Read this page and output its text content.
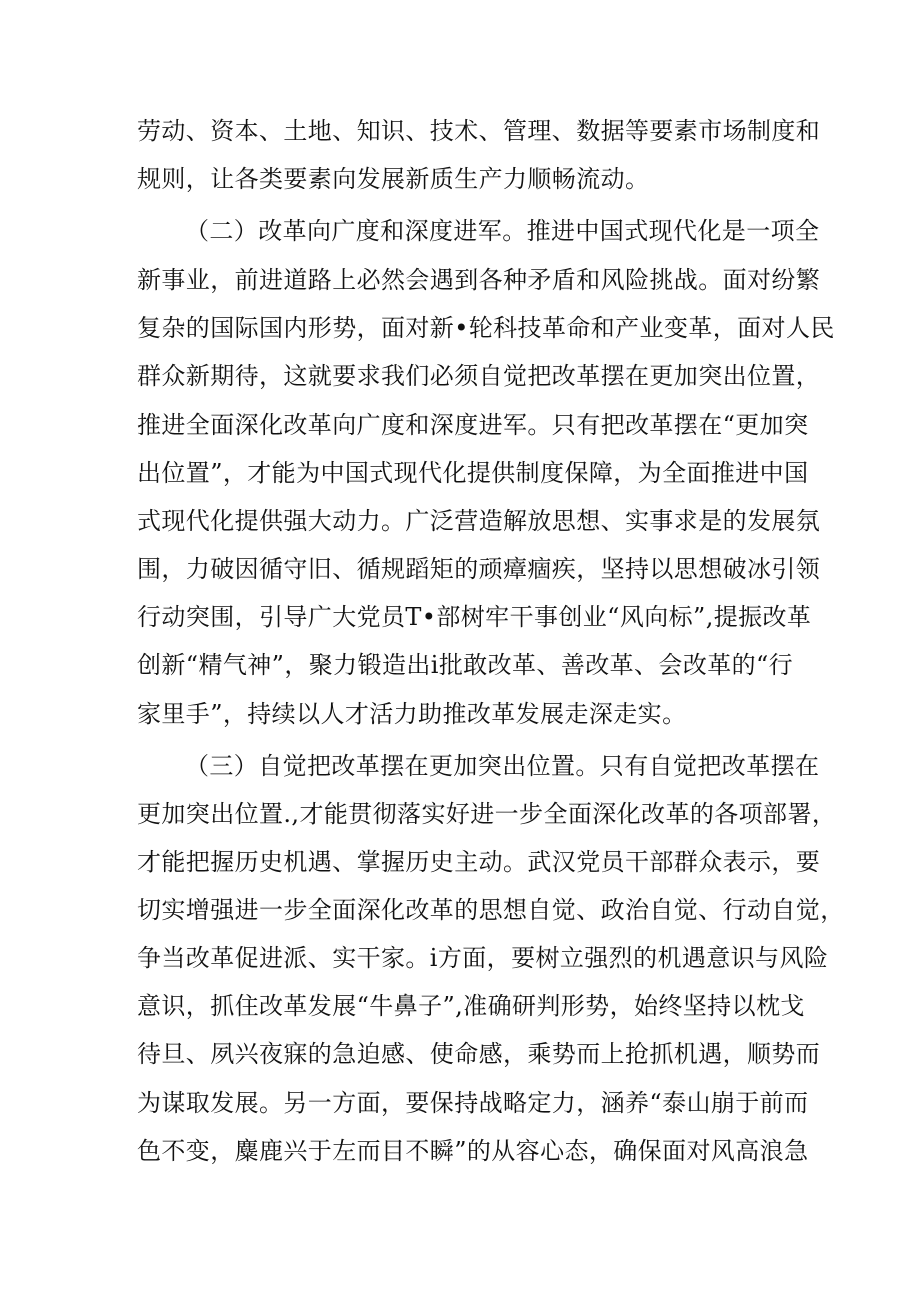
劳动、资本、土地、知识、技术、管理、数据等要素市场制度和
规则，让各类要素向发展新质生产力顺畅流动。
（二）改革向广度和深度进军。推进中国式现代化是一项全
新事业，前进道路上必然会遇到各种矛盾和风险挑战。面对纷繁
复杂的国际国内形势，面对新•轮科技革命和产业变革，面对人民
群众新期待，这就要求我们必须自觉把改革摆在更加突出位置，
推进全面深化改革向广度和深度进军。只有把改革摆在“更加突
出位置”，才能为中国式现代化提供制度保障，为全面推进中国
式现代化提供强大动力。广泛营造解放思想、实事求是的发展氛
围，力破因循守旧、循规蹈矩的顽瘴痼疾，坚持以思想破冰引领
行动突围，引导广大党员T•部树牢干事创业“风向标”,提振改革
创新“精气神”，聚力锻造出i批敢改革、善改革、会改革的“行
家里手”，持续以人才活力助推改革发展走深走实。
（三）自觉把改革摆在更加突出位置。只有自觉把改革摆在
更加突出位置.,才能贯彻落实好进一步全面深化改革的各项部署，
才能把握历史机遇、掌握历史主动。武汉党员干部群众表示，要
切实增强进一步全面深化改革的思想自觉、政治自觉、行动自觉，
争当改革促进派、实干家。i方面，要树立强烈的机遇意识与风险
意识，抓住改革发展“牛鼻子”,准确研判形势，始终坚持以枕戈
待旦、夙兴夜寐的急迫感、使命感，乘势而上抢抓机遇，顺势而
为谋取发展。另一方面，要保持战略定力，涵养“泰山崩于前而
色不变，麋鹿兴于左而目不瞬”的从容心态，确保面对风高浪急
